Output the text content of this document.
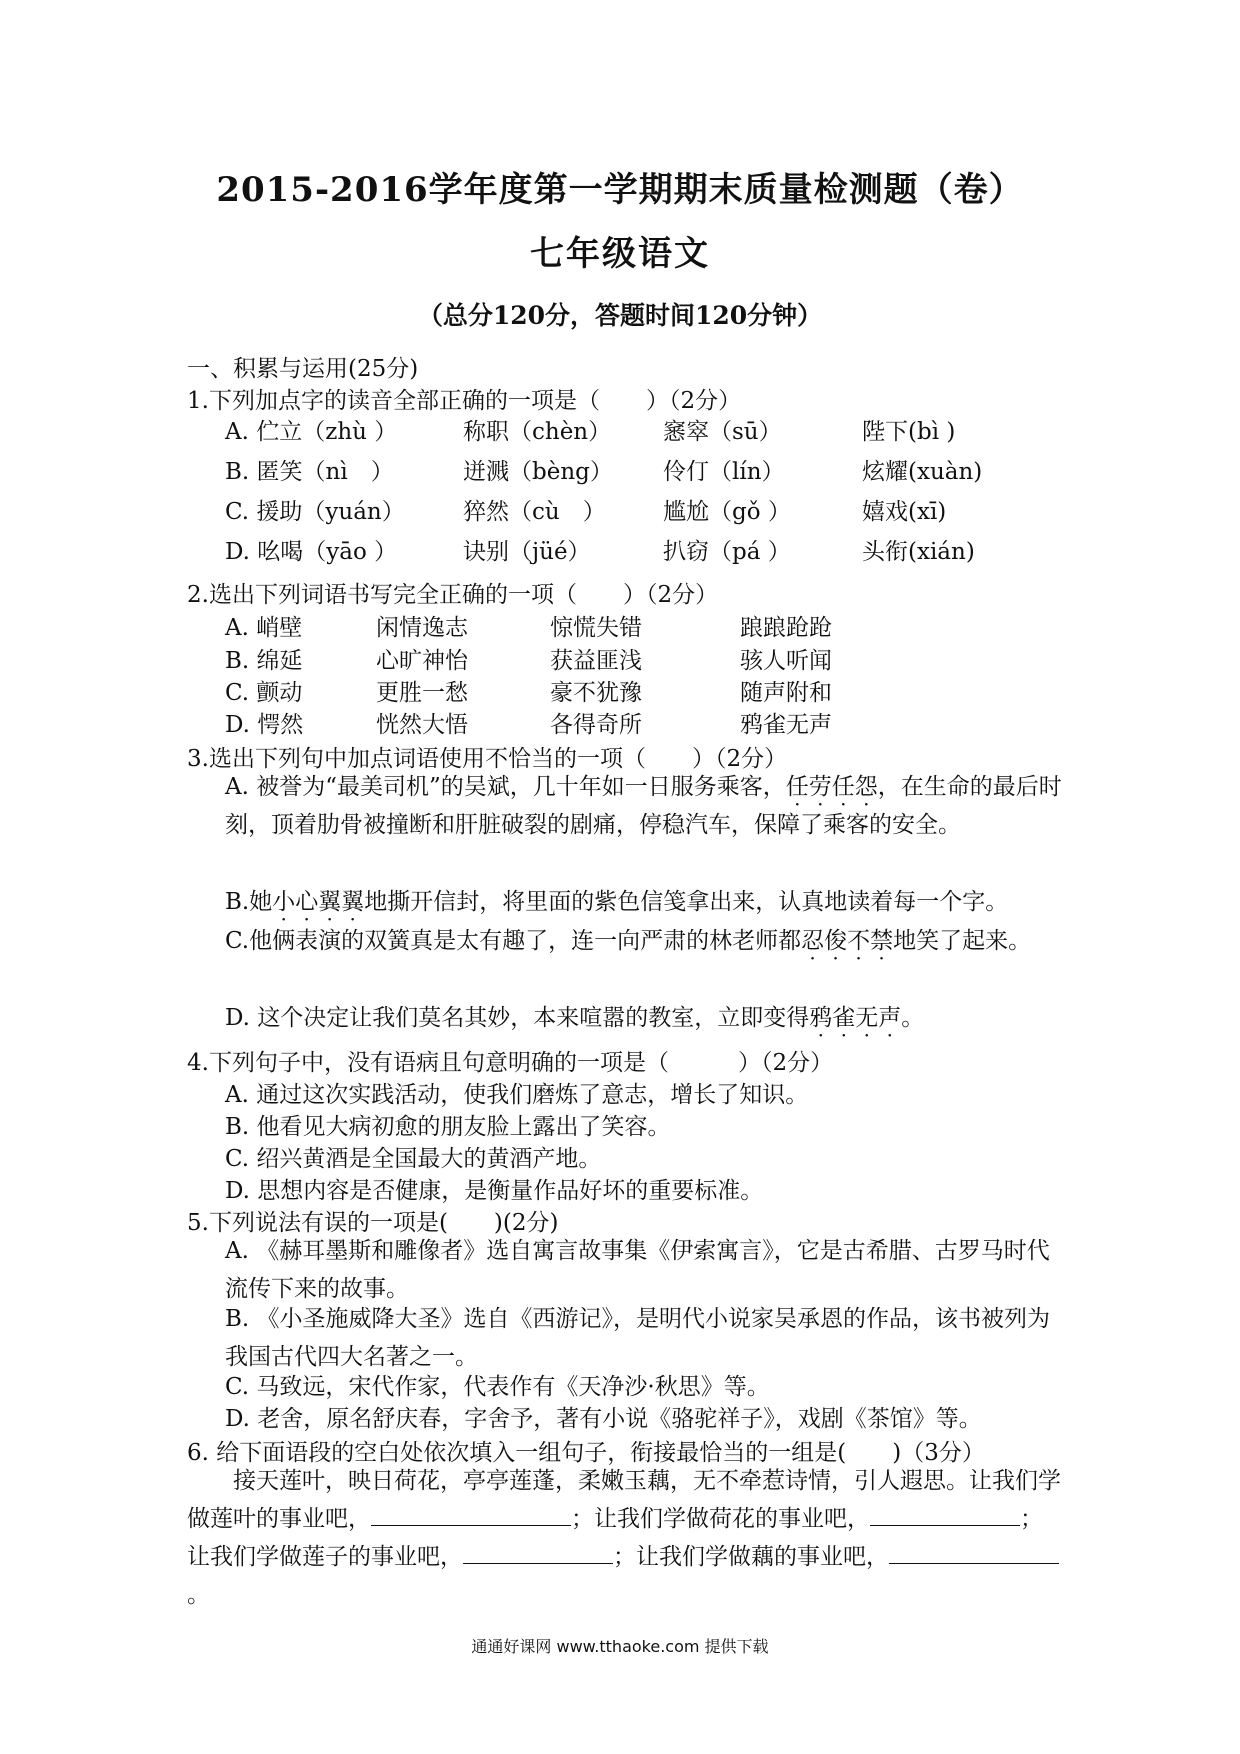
2015-2016学年度第一学期期末质量检测题（卷）
七年级语文
（总分120分，答题时间120分钟）
一、积累与运用(25分)
1.下列加点字的读音全部正确的一项是（　　）（2分）
A. 伫立（zhù ）	称职（chèn） 窸窣（sū）	陛下(bì )
B. 匿笑（nì　）	迸溅（bèng） 伶仃（lín）	炫耀(xuàn)
C. 援助（yuán）	猝然（cù　） 尴尬（gǒ ）	嬉戏(xī)
D. 吆喝（yāo ）	诀别（jüé）	扒窃（pá ）	头衔(xián)
2.选出下列词语书写完全正确的一项（　　）（2分）
A. 峭壁	闲情逸志	惊慌失错	踉踉跄跄
B. 绵延	心旷神怡	获益匪浅	骇人听闻
C. 颤动	更胜一愁	豪不犹豫	随声附和
D. 愕然	恍然大悟	各得奇所	鸦雀无声
3.选出下列句中加点词语使用不恰当的一项（　　）（2分）
A. 被誉为“最美司机”的吴斌，几十年如一日服务乘客，任劳任怨，在生命的最后时刻，顶着肋骨被撞断和肝脏破裂的剧痛，停稳汽车，保障了乘客的安全。
B.她小心翼翼地撕开信封，将里面的紫色信笺拿出来，认真地读着每一个字。
C.他俩表演的双簧真是太有趣了，连一向严肃的林老师都忍俊不禁地笑了起来。
D. 这个决定让我们莫名其妙，本来喧嚣的教室，立即变得鸦雀无声。
4.下列句子中，没有语病且句意明确的一项是（　　　）（2分）
A. 通过这次实践活动，使我们磨炼了意志，增长了知识。
B. 他看见大病初愈的朋友脸上露出了笑容。
C. 绍兴黄酒是全国最大的黄酒产地。
D. 思想内容是否健康，是衡量作品好坏的重要标准。
5.下列说法有误的一项是(　　)(2分)
A. 《赫耳墨斯和雕像者》选自寓言故事集《伊索寓言》，它是古希腊、古罗马时代流传下来的故事。
B. 《小圣施威降大圣》选自《西游记》，是明代小说家吴承恩的作品，该书被列为我国古代四大名著之一。
C. 马致远，宋代作家，代表作有《天净沙·秋思》等。
D. 老舍，原名舒庆春，字舍予，著有小说《骆驼祥子》，戏剧《茶馆》等。
6. 给下面语段的空白处依次填入一组句子，衔接最恰当的一组是(　　)（3分）
接天莲叶，映日荷花，亭亭莲蓬，柔嫩玉藕，无不牵惹诗情，引人遐思。让我们学做莲叶的事业吧，	；让我们学做荷花的事业吧，	；让我们学做莲子的事业吧，	；让我们学做藕的事业吧，。
通通好课网 www.tthaoke.com 提供下载
